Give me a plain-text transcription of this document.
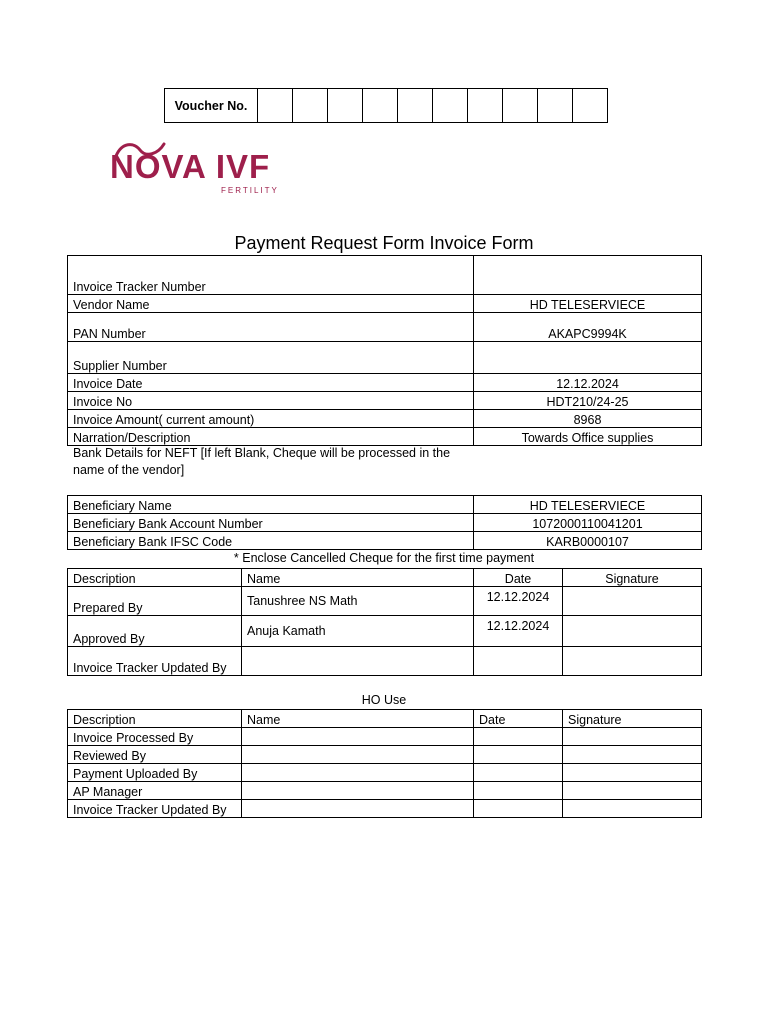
Voucher No.										
NOVA IVF
FERTILITY
Payment Request Form Invoice Form
Invoice Tracker Number	
Vendor Name	HD TELESERVIECE
PAN Number	AKAPC9994K
Supplier Number	
Invoice Date	12.12.2024
Invoice No	HDT210/24-25
Invoice Amount( current amount)	8968
Narration/Description	Towards Office supplies
Bank Details for NEFT [If left Blank, Cheque will be processed in the
name of the vendor]
Beneficiary Name	HD TELESERVIECE
Beneficiary Bank Account Number	1072000110041201
Beneficiary Bank IFSC Code	KARB0000107
* Enclose Cancelled Cheque for the first time payment
Description	Name	Date	Signature
Prepared By	Tanushree NS Math	12.12.2024	
Approved By	Anuja Kamath	12.12.2024	
Invoice Tracker Updated By			
HO Use
Description	Name	Date	Signature
Invoice Processed By			
Reviewed By			
Payment Uploaded By			
AP Manager			
Invoice Tracker Updated By			
